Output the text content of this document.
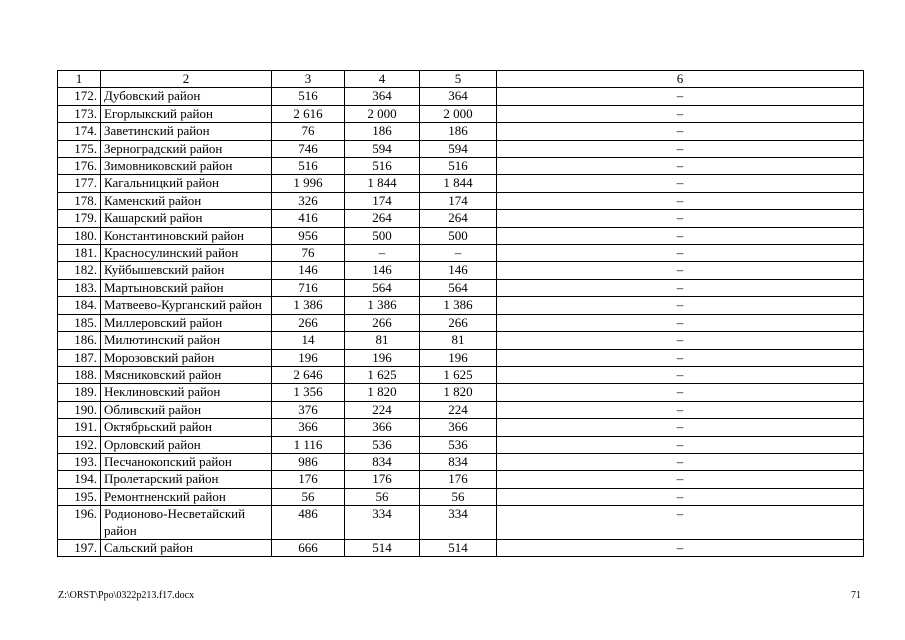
1	2	3	4	5	6
172.	Дубовский район	516	364	364	–
173.	Егорлыкский район	2 616	2 000	2 000	–
174.	Заветинский район	76	186	186	–
175.	Зерноградский район	746	594	594	–
176.	Зимовниковский район	516	516	516	–
177.	Кагальницкий район	1 996	1 844	1 844	–
178.	Каменский район	326	174	174	–
179.	Кашарский район	416	264	264	–
180.	Константиновский район	956	500	500	–
181.	Красносулинский район	76	–	–	–
182.	Куйбышевский район	146	146	146	–
183.	Мартыновский район	716	564	564	–
184.	Матвеево-Курганский район	1 386	1 386	1 386	–
185.	Миллеровский район	266	266	266	–
186.	Милютинский район	14	81	81	–
187.	Морозовский район	196	196	196	–
188.	Мясниковский район	2 646	1 625	1 625	–
189.	Неклиновский район	1 356	1 820	1 820	–
190.	Обливский район	376	224	224	–
191.	Октябрьский район	366	366	366	–
192.	Орловский район	1 116	536	536	–
193.	Песчанокопский район	986	834	834	–
194.	Пролетарский район	176	176	176	–
195.	Ремонтненский район	56	56	56	–
196.	Родионово-Несветайский район	486	334	334	–
197.	Сальский район	666	514	514	–
Z:\ORST\Ppo\0322p213.f17.docx	71
